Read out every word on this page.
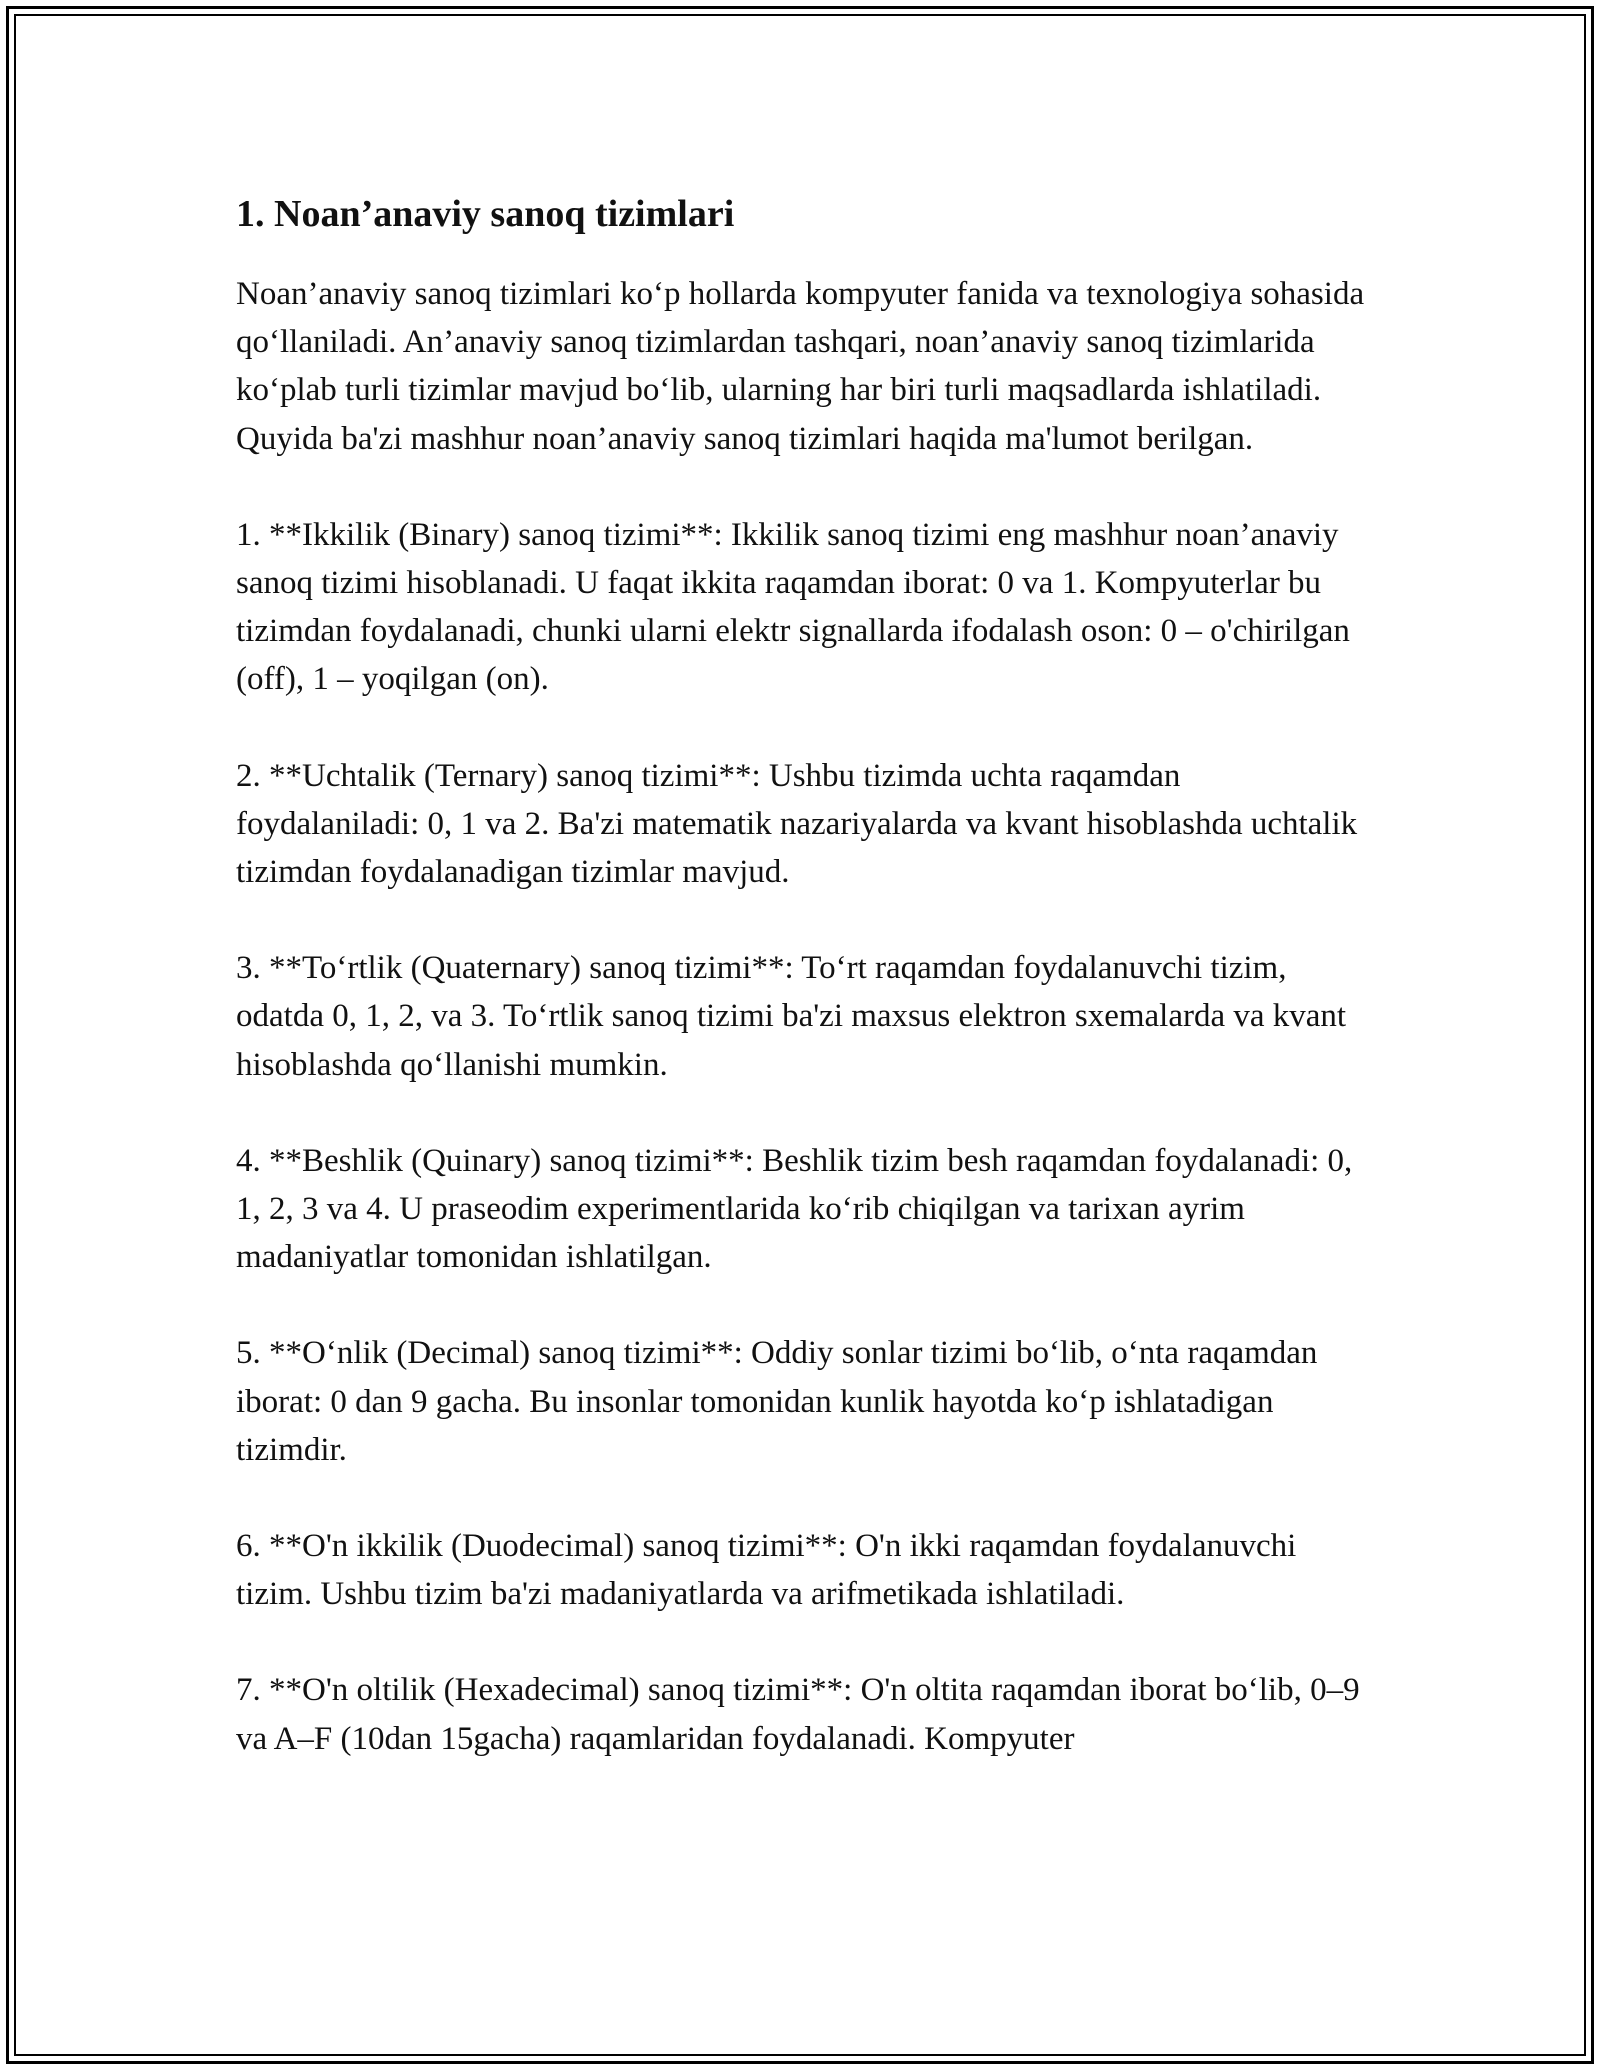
1. Noan’anaviy sanoq tizimlari

Noan’anaviy sanoq tizimlari ko‘p hollarda kompyuter fanida va texnologiya sohasida qo‘llaniladi. An’anaviy sanoq tizimlardan tashqari, noan’anaviy sanoq tizimlarida ko‘plab turli tizimlar mavjud bo‘lib, ularning har biri turli maqsadlarda ishlatiladi. Quyida ba'zi mashhur noan’anaviy sanoq tizimlari haqida ma'lumot berilgan.

1. **Ikkilik (Binary) sanoq tizimi**: Ikkilik sanoq tizimi eng mashhur noan’anaviy sanoq tizimi hisoblanadi. U faqat ikkita raqamdan iborat: 0 va 1. Kompyuterlar bu tizimdan foydalanadi, chunki ularni elektr signallarda ifodalash oson: 0 – o'chirilgan (off), 1 – yoqilgan (on).

2. **Uchtalik (Ternary) sanoq tizimi**: Ushbu tizimda uchta raqamdan foydalaniladi: 0, 1 va 2. Ba'zi matematik nazariyalarda va kvant hisoblashda uchtalik tizimdan foydalanadigan tizimlar mavjud.

3. **To‘rtlik (Quaternary) sanoq tizimi**: To‘rt raqamdan foydalanuvchi tizim, odatda 0, 1, 2, va 3. To‘rtlik sanoq tizimi ba'zi maxsus elektron sxemalarda va kvant hisoblashda qo‘llanishi mumkin.

4. **Beshlik (Quinary) sanoq tizimi**: Beshlik tizim besh raqamdan foydalanadi: 0, 1, 2, 3 va 4. U praseodim experimentlarida ko‘rib chiqilgan va tarixan ayrim madaniyatlar tomonidan ishlatilgan.

5. **O‘nlik (Decimal) sanoq tizimi**: Oddiy sonlar tizimi bo‘lib, o‘nta raqamdan iborat: 0 dan 9 gacha. Bu insonlar tomonidan kunlik hayotda ko‘p ishlatadigan tizimdir.

6. **O'n ikkilik (Duodecimal) sanoq tizimi**: O'n ikki raqamdan foydalanuvchi tizim. Ushbu tizim ba'zi madaniyatlarda va arifmetikada ishlatiladi.

7. **O'n oltilik (Hexadecimal) sanoq tizimi**: O'n oltita raqamdan iborat bo‘lib, 0–9 va A–F (10dan 15gacha) raqamlaridan foydalanadi. Kompyuter
